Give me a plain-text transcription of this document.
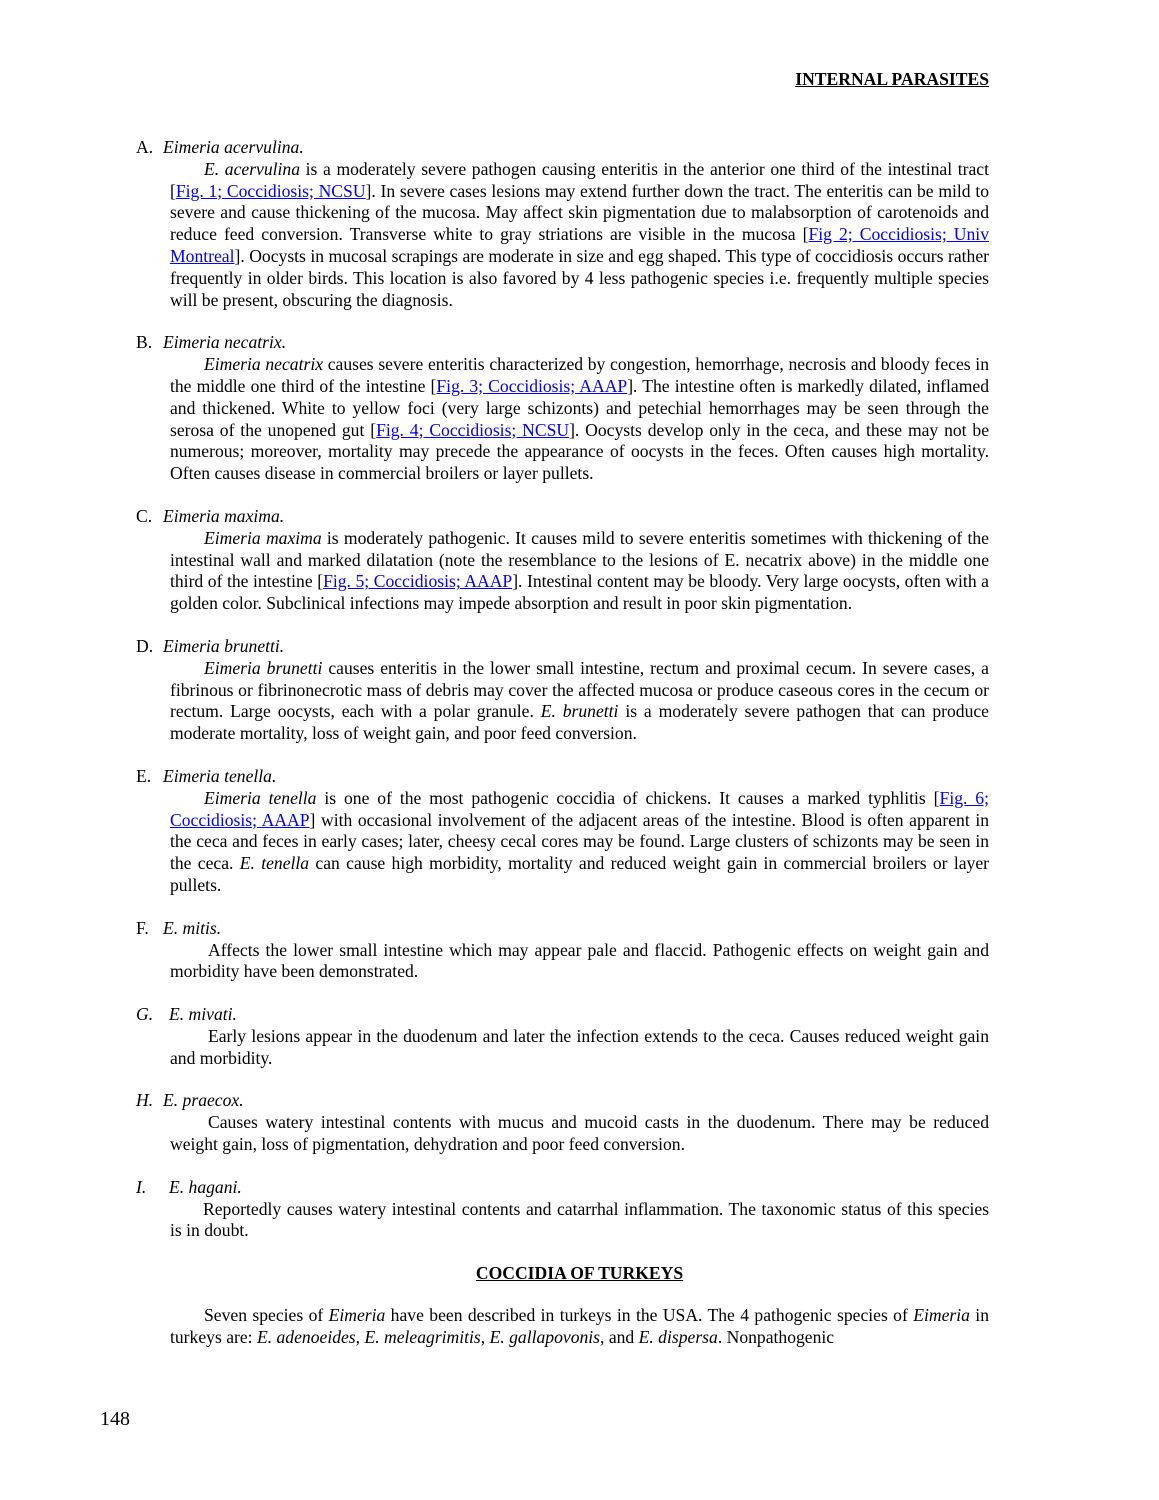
INTERNAL PARASITES
A. Eimeria acervulina.
E. acervulina is a moderately severe pathogen causing enteritis in the anterior one third of the intestinal tract [Fig. 1; Coccidiosis; NCSU]. In severe cases lesions may extend further down the tract. The enteritis can be mild to severe and cause thickening of the mucosa. May affect skin pigmentation due to malabsorption of carotenoids and reduce feed conversion. Transverse white to gray striations are visible in the mucosa [Fig 2; Coccidiosis; Univ Montreal]. Oocysts in mucosal scrapings are moderate in size and egg shaped. This type of coccidiosis occurs rather frequently in older birds. This location is also favored by 4 less pathogenic species i.e. frequently multiple species will be present, obscuring the diagnosis.
B. Eimeria necatrix.
Eimeria necatrix causes severe enteritis characterized by congestion, hemorrhage, necrosis and bloody feces in the middle one third of the intestine [Fig. 3; Coccidiosis; AAAP]. The intestine often is markedly dilated, inflamed and thickened. White to yellow foci (very large schizonts) and petechial hemorrhages may be seen through the serosa of the unopened gut [Fig. 4; Coccidiosis; NCSU]. Oocysts develop only in the ceca, and these may not be numerous; moreover, mortality may precede the appearance of oocysts in the feces. Often causes high mortality. Often causes disease in commercial broilers or layer pullets.
C. Eimeria maxima.
Eimeria maxima is moderately pathogenic. It causes mild to severe enteritis sometimes with thickening of the intestinal wall and marked dilatation (note the resemblance to the lesions of E. necatrix above) in the middle one third of the intestine [Fig. 5; Coccidiosis; AAAP]. Intestinal content may be bloody. Very large oocysts, often with a golden color. Subclinical infections may impede absorption and result in poor skin pigmentation.
D. Eimeria brunetti.
Eimeria brunetti causes enteritis in the lower small intestine, rectum and proximal cecum. In severe cases, a fibrinous or fibrinonecrotic mass of debris may cover the affected mucosa or produce caseous cores in the cecum or rectum. Large oocysts, each with a polar granule. E. brunetti is a moderately severe pathogen that can produce moderate mortality, loss of weight gain, and poor feed conversion.
E. Eimeria tenella.
Eimeria tenella is one of the most pathogenic coccidia of chickens. It causes a marked typhlitis [Fig. 6; Coccidiosis; AAAP] with occasional involvement of the adjacent areas of the intestine. Blood is often apparent in the ceca and feces in early cases; later, cheesy cecal cores may be found. Large clusters of schizonts may be seen in the ceca. E. tenella can cause high morbidity, mortality and reduced weight gain in commercial broilers or layer pullets.
F. E. mitis.
Affects the lower small intestine which may appear pale and flaccid. Pathogenic effects on weight gain and morbidity have been demonstrated.
G. E. mivati.
Early lesions appear in the duodenum and later the infection extends to the ceca. Causes reduced weight gain and morbidity.
H. E. praecox.
Causes watery intestinal contents with mucus and mucoid casts in the duodenum. There may be reduced weight gain, loss of pigmentation, dehydration and poor feed conversion.
I.	E. hagani.
Reportedly causes watery intestinal contents and catarrhal inflammation. The taxonomic status of this species is in doubt.
COCCIDIA OF TURKEYS
Seven species of Eimeria have been described in turkeys in the USA. The 4 pathogenic species of Eimeria in turkeys are: E. adenoeides, E. meleagrimitis, E. gallapovonis, and E. dispersa. Nonpathogenic
148
